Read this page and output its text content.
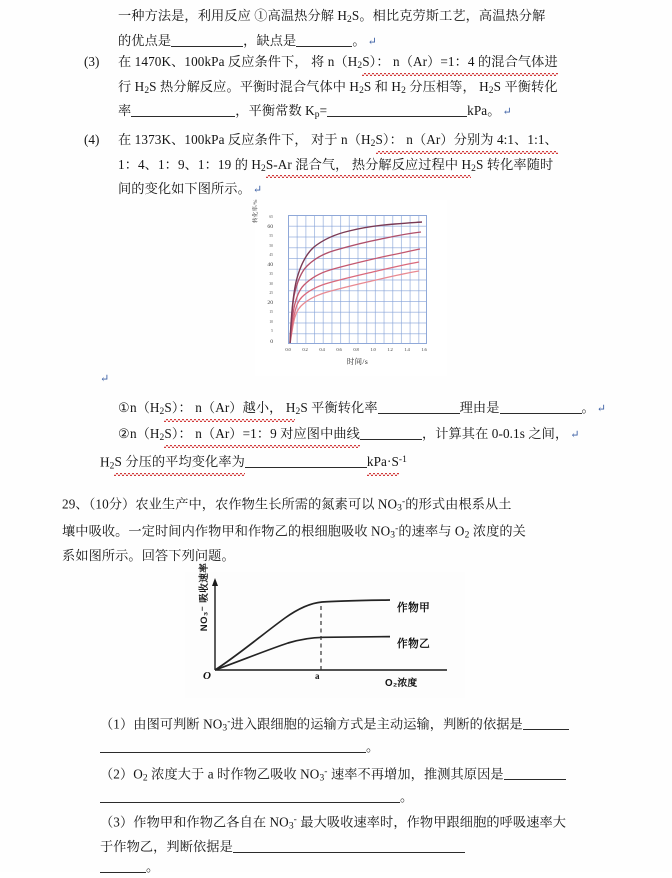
一种方法是，利用反应 ①高温热分解 $H_2S$。相比克劳斯工艺，高温热分解
的优点是	，缺点是	。 ↵
(3) 在 1470K、100kPa 反应条件下， 将 $n(H_2S)$： n（Ar）=1：4 的混合气体进
行 $H_2S$ 热分解反应。平衡时混合气体中 $H_2S$ 和 $H_2$ 分压相等， $H_2S$ 平衡转化
率	，平衡常数 $K_p=$	kPa。 ↵
(4) 在 1373K、100kPa 反应条件下， 对于 $n(H_2S)$： n（Ar）分别为 4:1、1:1、
1：4、1：9、1：19 的 $H_2S-Ar$ 混合气， 热分解反应过程中 $H_2S$ 转化率随时
间的变化如下图所示。 ↵
↵
转化率/%
0
20
40
60
5
10
15
25
30
35
45
50
55
65
0.0	0.2	0.4	0.6	0.8	1.0	1.2	1.4	1.6
时间/s
$①n(H_2S)$： n（Ar）越小， $H_2S$ 平衡转化率	理由是	。 ↵
$②n(H_2S)$： n（Ar）=1：9 对应图中曲线	，计算其在 0-0.1s 之间， ↵
$H_2S$ 分压的平均变化率为	$kPa\cdot S^{-1}$
29、（10分）农业生产中，农作物生长所需的氮素可以 $NO_3^-$的形式由根系从土
壤中吸收。一定时间内作物甲和作物乙的根细胞吸收 $NO_3^-$的速率与 $O_2$ 浓度的关
系如图所示。回答下列问题。
NO₃⁻ 吸收速率
O	a
O₂浓度
作物甲
作物乙
（1）由图可判断 $NO_3^-$进入跟细胞的运输方式是主动运输，判断的依据是
。
$(2)O_2$ 浓度大于 a 时作物乙吸收 $NO_3^-$ 速率不再增加，推测其原因是
。
（3）作物甲和作物乙各自在 $NO_3^-$ 最大吸收速率时，作物甲跟细胞的呼吸速率大
于作物乙，判断依据是
。
